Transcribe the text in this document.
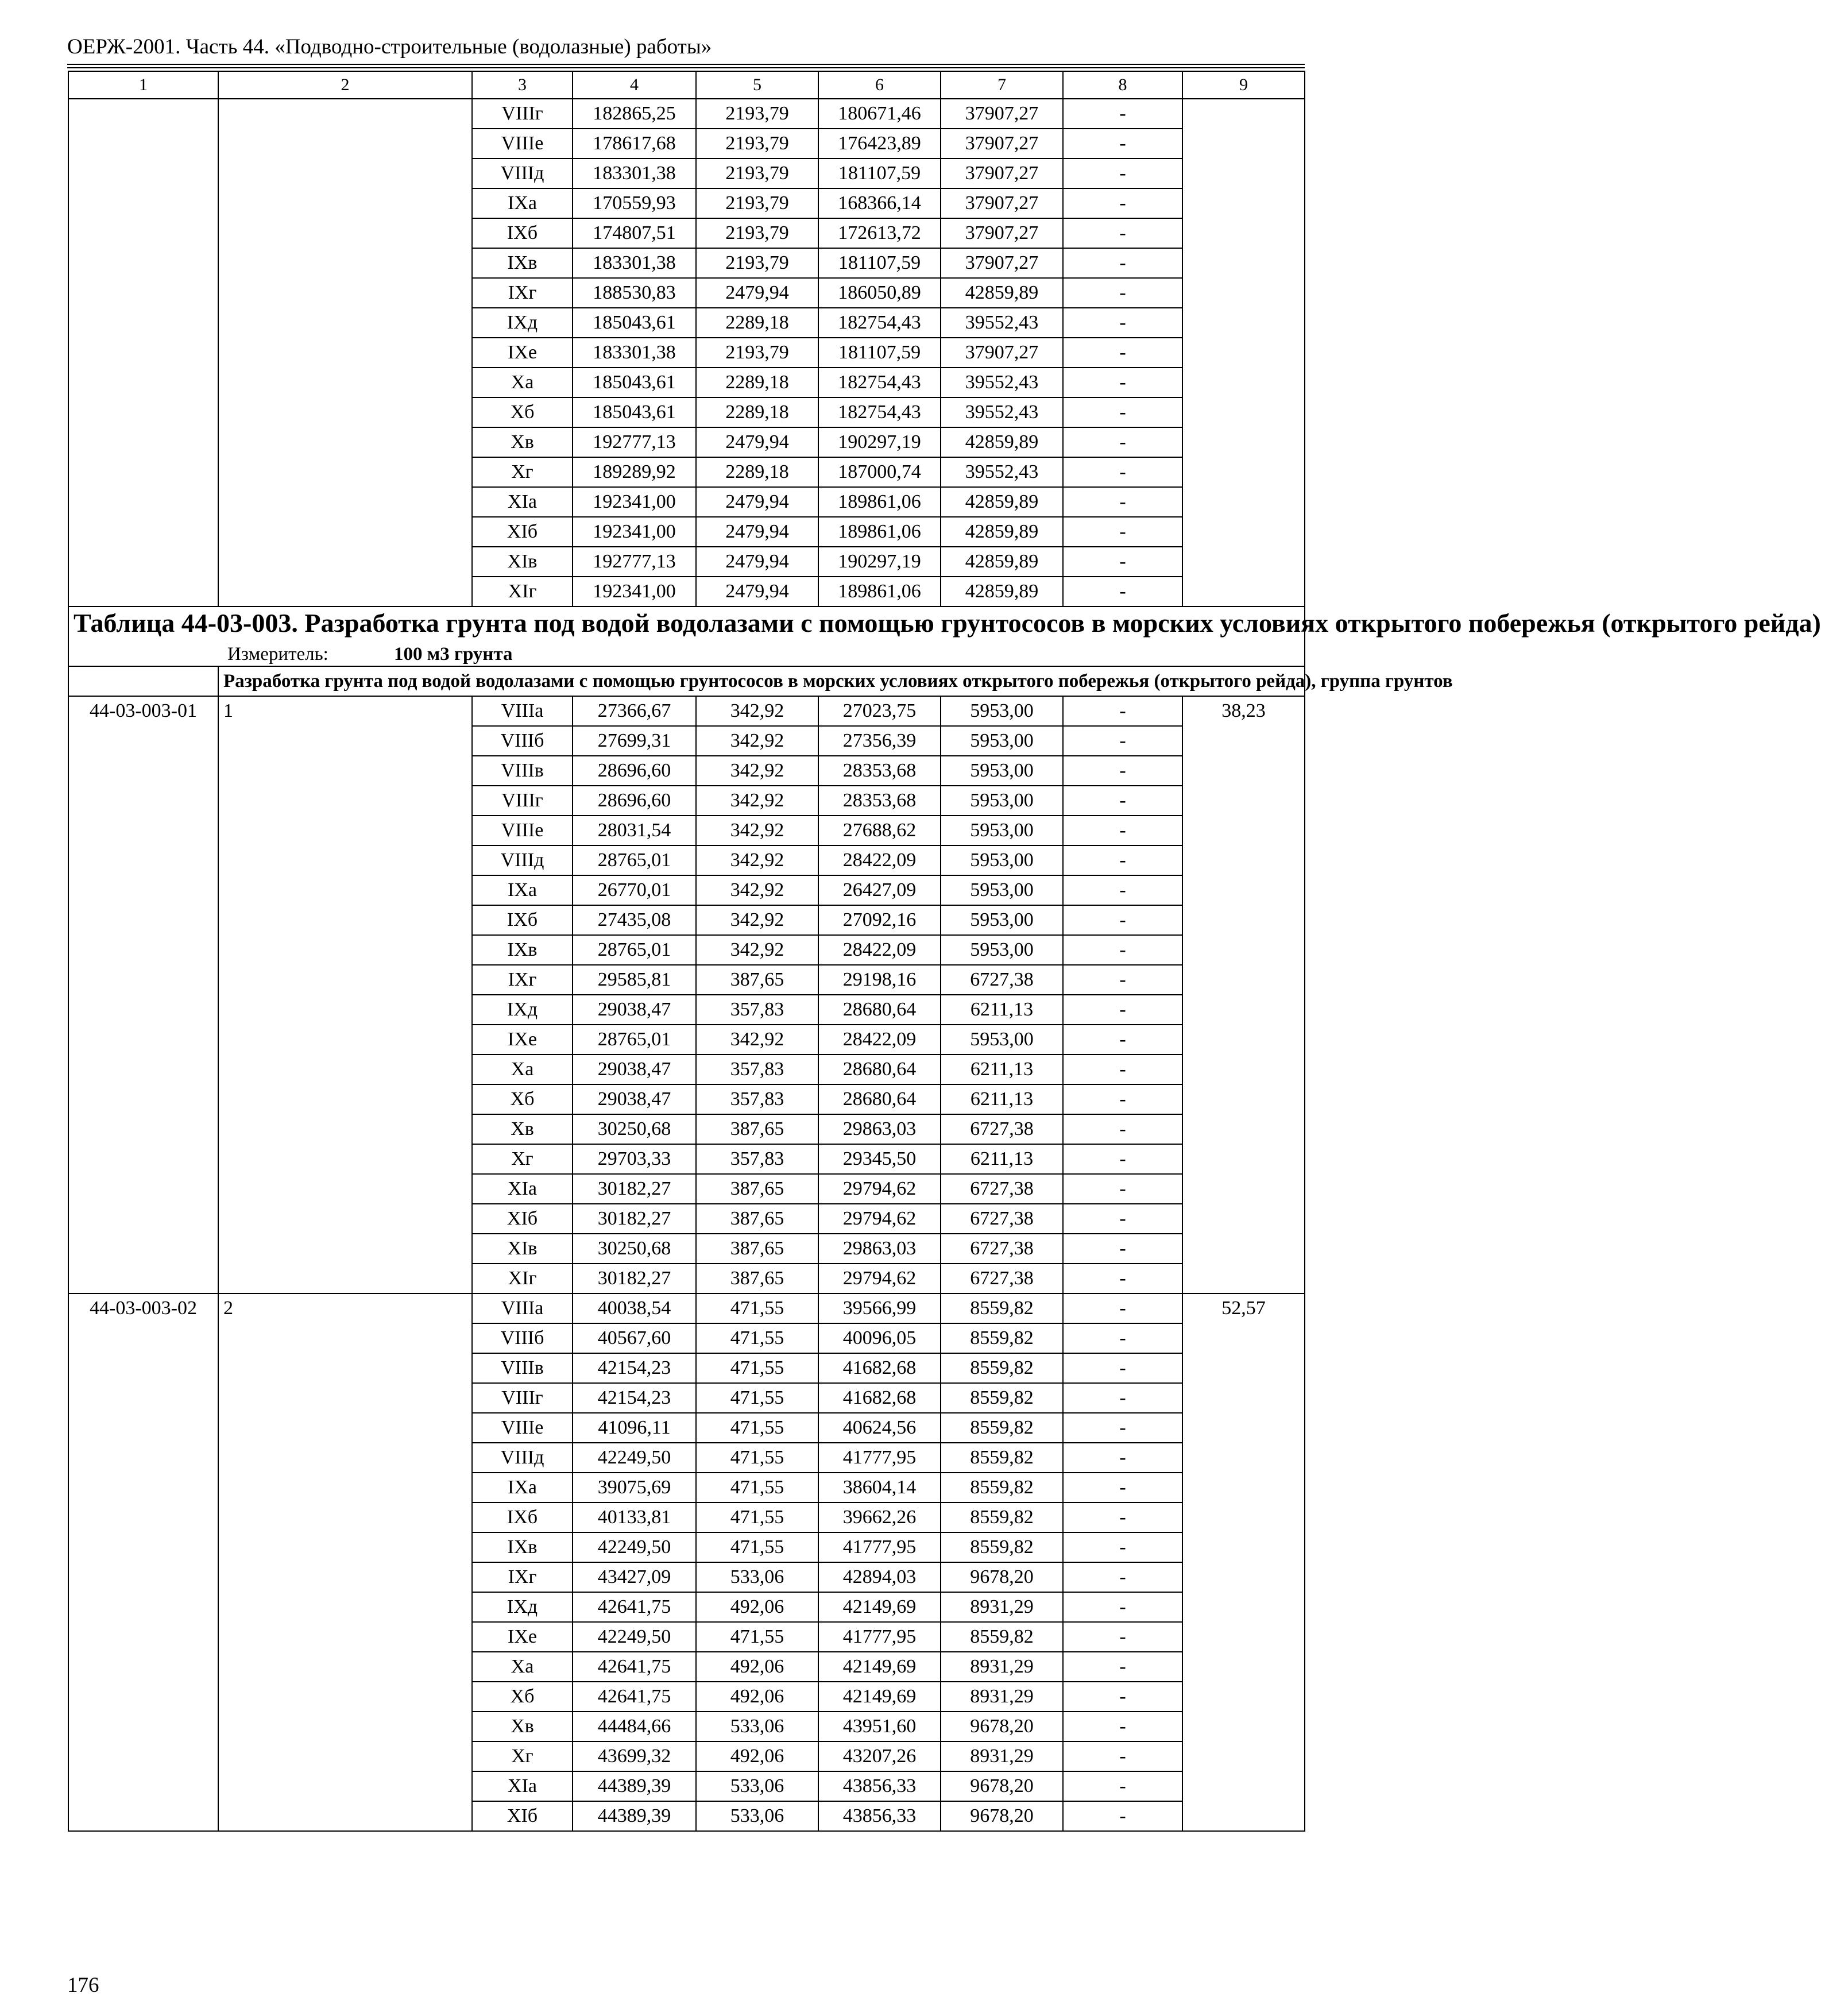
ОЕРЖ-2001. Часть 44. «Подводно-строительные (водолазные) работы»
1	2	3	4	5	6	7	8	9
		VIIIг	182865,25	2193,79	180671,46	37907,27	-	
		VIIIе	178617,68	2193,79	176423,89	37907,27	-	
		VIIIд	183301,38	2193,79	181107,59	37907,27	-	
		IXa	170559,93	2193,79	168366,14	37907,27	-	
		IXб	174807,51	2193,79	172613,72	37907,27	-	
		IXв	183301,38	2193,79	181107,59	37907,27	-	
		IXг	188530,83	2479,94	186050,89	42859,89	-	
		IXд	185043,61	2289,18	182754,43	39552,43	-	
		IXе	183301,38	2193,79	181107,59	37907,27	-	
		Xa	185043,61	2289,18	182754,43	39552,43	-	
		Xб	185043,61	2289,18	182754,43	39552,43	-	
		Xв	192777,13	2479,94	190297,19	42859,89	-	
		Xг	189289,92	2289,18	187000,74	39552,43	-	
		XIa	192341,00	2479,94	189861,06	42859,89	-	
		XIб	192341,00	2479,94	189861,06	42859,89	-	
		XIв	192777,13	2479,94	190297,19	42859,89	-	
		XIг	192341,00	2479,94	189861,06	42859,89	-	

Таблица 44-03-003. Разработка грунта под водой водолазами с помощью грунтососов в морских условиях открытого побережья (открытого рейда)
Измеритель: 100 м3 грунта								

	Разработка грунта под водой водолазами с помощью грунтососов в морских условиях открытого побережья (открытого рейда), группа грунтов							
44-03-003-01	1	VIIIa	27366,67	342,92	27023,75	5953,00	-	38,23
		VIIIб	27699,31	342,92	27356,39	5953,00	-	
		VIIIв	28696,60	342,92	28353,68	5953,00	-	
		VIIIг	28696,60	342,92	28353,68	5953,00	-	
		VIIIе	28031,54	342,92	27688,62	5953,00	-	
		VIIIд	28765,01	342,92	28422,09	5953,00	-	
		IXa	26770,01	342,92	26427,09	5953,00	-	
		IXб	27435,08	342,92	27092,16	5953,00	-	
		IXв	28765,01	342,92	28422,09	5953,00	-	
		IXг	29585,81	387,65	29198,16	6727,38	-	
		IXд	29038,47	357,83	28680,64	6211,13	-	
		IXе	28765,01	342,92	28422,09	5953,00	-	
		Xa	29038,47	357,83	28680,64	6211,13	-	
		Xб	29038,47	357,83	28680,64	6211,13	-	
		Xв	30250,68	387,65	29863,03	6727,38	-	
		Xг	29703,33	357,83	29345,50	6211,13	-	
		XIa	30182,27	387,65	29794,62	6727,38	-	
		XIб	30182,27	387,65	29794,62	6727,38	-	
		XIв	30250,68	387,65	29863,03	6727,38	-	
		XIг	30182,27	387,65	29794,62	6727,38	-	
44-03-003-02	2	VIIIa	40038,54	471,55	39566,99	8559,82	-	52,57
		VIIIб	40567,60	471,55	40096,05	8559,82	-	
		VIIIв	42154,23	471,55	41682,68	8559,82	-	
		VIIIг	42154,23	471,55	41682,68	8559,82	-	
		VIIIе	41096,11	471,55	40624,56	8559,82	-	
		VIIIд	42249,50	471,55	41777,95	8559,82	-	
		IXa	39075,69	471,55	38604,14	8559,82	-	
		IXб	40133,81	471,55	39662,26	8559,82	-	
		IXв	42249,50	471,55	41777,95	8559,82	-	
		IXг	43427,09	533,06	42894,03	9678,20	-	
		IXд	42641,75	492,06	42149,69	8931,29	-	
		IXе	42249,50	471,55	41777,95	8559,82	-	
		Xa	42641,75	492,06	42149,69	8931,29	-	
		Xб	42641,75	492,06	42149,69	8931,29	-	
		Xв	44484,66	533,06	43951,60	9678,20	-	
		Xг	43699,32	492,06	43207,26	8931,29	-	
		XIa	44389,39	533,06	43856,33	9678,20	-	
		XIб	44389,39	533,06	43856,33	9678,20	-	
176
